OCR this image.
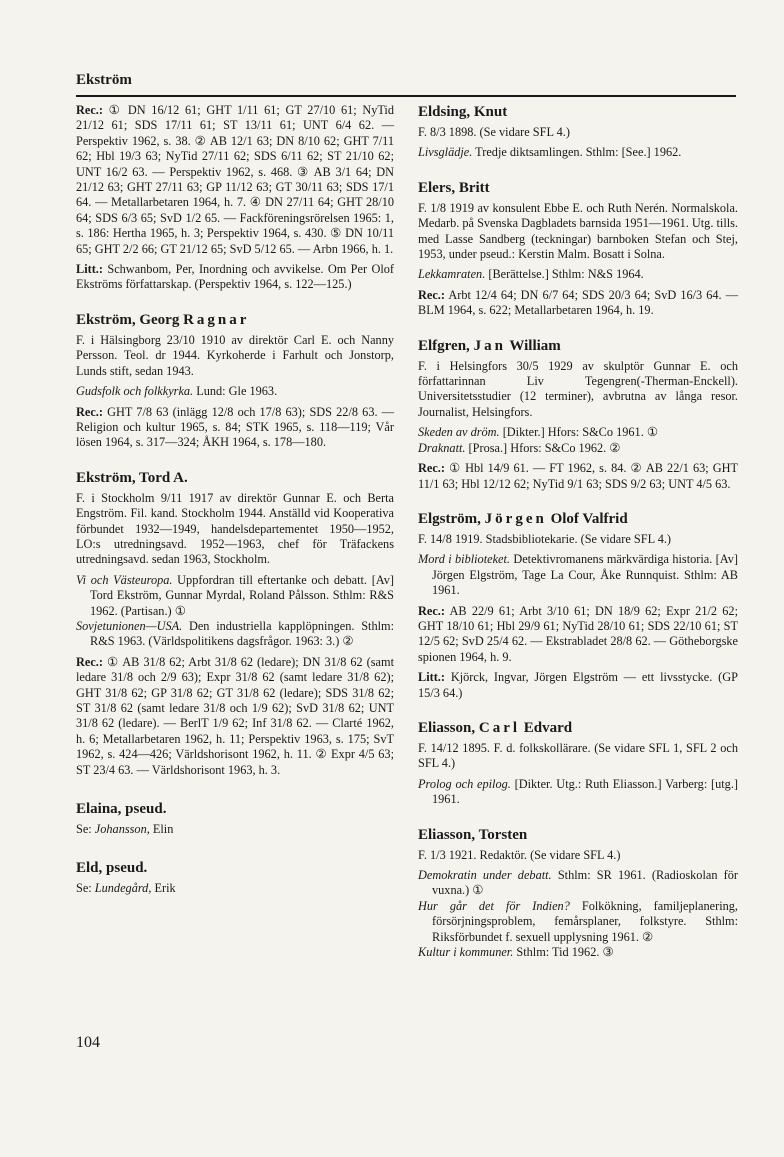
Ekström

Rec.: ① DN 16/12 61; GHT 1/11 61; GT 27/10 61; NyTid 21/12 61; SDS 17/11 61; ST 13/11 61; UNT 6/4 62. — Perspektiv 1962, s. 38. ② AB 12/1 63; DN 8/10 62; GHT 7/11 62; Hbl 19/3 63; NyTid 27/11 62; SDS 6/11 62; ST 21/10 62; UNT 16/2 63. — Perspektiv 1962, s. 468. ③ AB 3/1 64; DN 21/12 63; GHT 27/11 63; GP 11/12 63; GT 30/11 63; SDS 17/1 64. — Metallarbetaren 1964, h. 7. ④ DN 27/11 64; GHT 28/10 64; SDS 6/3 65; SvD 1/2 65. — Fackföreningsrörelsen 1965: 1, s. 186: Hertha 1965, h. 3; Perspektiv 1964, s. 430. ⑤ DN 10/11 65; GHT 2/2 66; GT 21/12 65; SvD 5/12 65. — Arbn 1966, h. 1.

Litt.: Schwanbom, Per, Inordning och avvikelse. Om Per Olof Ekströms författarskap. (Perspektiv 1964, s. 122—125.)

Ekström, Georg Ragnar

F. i Hälsingborg 23/10 1910 av direktör Carl E. och Nanny Persson. Teol. dr 1944. Kyrkoherde i Farhult och Jonstorp, Lunds stift, sedan 1943.

Gudsfolk och folkkyrka. Lund: Gle 1963.

Rec.: GHT 7/8 63 (inlägg 12/8 och 17/8 63); SDS 22/8 63. — Religion och kultur 1965, s. 84; STK 1965, s. 118—119; Vår lösen 1964, s. 317—324; ÅKH 1964, s. 178—180.

Ekström, Tord A.

F. i Stockholm 9/11 1917 av direktör Gunnar E. och Berta Engström. Fil. kand. Stockholm 1944. Anställd vid Kooperativa förbundet 1932—1949, handelsdepartementet 1950—1952, LO:s utredningsavd. 1952—1963, chef för Träfackens utredningsavd. sedan 1963, Stockholm.

Vi och Västeuropa. Uppfordran till eftertanke och debatt. [Av] Tord Ekström, Gunnar Myrdal, Roland Pålsson. Sthlm: R&S 1962. (Partisan.) ①

Sovjetunionen—USA. Den industriella kapplöpningen. Sthlm: R&S 1963. (Världspolitikens dagsfrågor. 1963: 3.) ②

Rec.: ① AB 31/8 62; Arbt 31/8 62 (ledare); DN 31/8 62 (samt ledare 31/8 och 2/9 63); Expr 31/8 62 (samt ledare 31/8 62); GHT 31/8 62; GP 31/8 62; GT 31/8 62 (ledare); SDS 31/8 62; ST 31/8 62 (samt ledare 31/8 och 1/9 62); SvD 31/8 62; UNT 31/8 62 (ledare). — BerlT 1/9 62; Inf 31/8 62. — Clarté 1962, h. 6; Metallarbetaren 1962, h. 11; Perspektiv 1963, s. 175; SvT 1962, s. 424—426; Världshorisont 1962, h. 11. ② Expr 4/5 63; ST 23/4 63. — Världshorisont 1963, h. 3.

Elaina, pseud.

Se: Johansson, Elin

Eld, pseud.

Se: Lundegård, Erik

Eldsing, Knut

F. 8/3 1898. (Se vidare SFL 4.)

Livsglädje. Tredje diktsamlingen. Sthlm: [See.] 1962.

Elers, Britt

F. 1/8 1919 av konsulent Ebbe E. och Ruth Nerén. Normalskola. Medarb. på Svenska Dagbladets barnsida 1951—1961. Utg. tills. med Lasse Sandberg (teckningar) barnboken Stefan och Stej, 1953, under pseud.: Kerstin Malm. Bosatt i Solna.

Lekkamraten. [Berättelse.] Sthlm: N&S 1964.

Rec.: Arbt 12/4 64; DN 6/7 64; SDS 20/3 64; SvD 16/3 64. — BLM 1964, s. 622; Metallarbetaren 1964, h. 19.

Elfgren, Jan William

F. i Helsingfors 30/5 1929 av skulptör Gunnar E. och författarinnan Liv Tegengren(-Therman-Enckell). Universitetsstudier (12 terminer), avbrutna av långa resor. Journalist, Helsingfors.

Skeden av dröm. [Dikter.] Hfors: S&Co 1961. ①

Draknatt. [Prosa.] Hfors: S&Co 1962. ②

Rec.: ① Hbl 14/9 61. — FT 1962, s. 84. ② AB 22/1 63; GHT 11/1 63; Hbl 12/12 62; NyTid 9/1 63; SDS 9/2 63; UNT 4/5 63.

Elgström, Jörgen Olof Valfrid

F. 14/8 1919. Stadsbibliotekarie. (Se vidare SFL 4.)

Mord i biblioteket. Detektivromanens märkvärdiga historia. [Av] Jörgen Elgström, Tage La Cour, Åke Runnquist. Sthlm: AB 1961.

Rec.: AB 22/9 61; Arbt 3/10 61; DN 18/9 62; Expr 21/2 62; GHT 18/10 61; Hbl 29/9 61; NyTid 28/10 61; SDS 22/10 61; ST 12/5 62; SvD 25/4 62. — Ekstrabladet 28/8 62. — Götheborgske spionen 1964, h. 9.

Litt.: Kjörck, Ingvar, Jörgen Elgström — ett livsstycke. (GP 15/3 64.)

Eliasson, Carl Edvard

F. 14/12 1895. F. d. folkskollärare. (Se vidare SFL 1, SFL 2 och SFL 4.)

Prolog och epilog. [Dikter. Utg.: Ruth Eliasson.] Varberg: [utg.] 1961.

Eliasson, Torsten

F. 1/3 1921. Redaktör. (Se vidare SFL 4.)

Demokratin under debatt. Sthlm: SR 1961. (Radioskolan för vuxna.) ①

Hur går det för Indien? Folkökning, familjeplanering, försörjningsproblem, femårsplaner, folkstyre. Sthlm: Riksförbundet f. sexuell upplysning 1961. ②

Kultur i kommuner. Sthlm: Tid 1962. ③

104
